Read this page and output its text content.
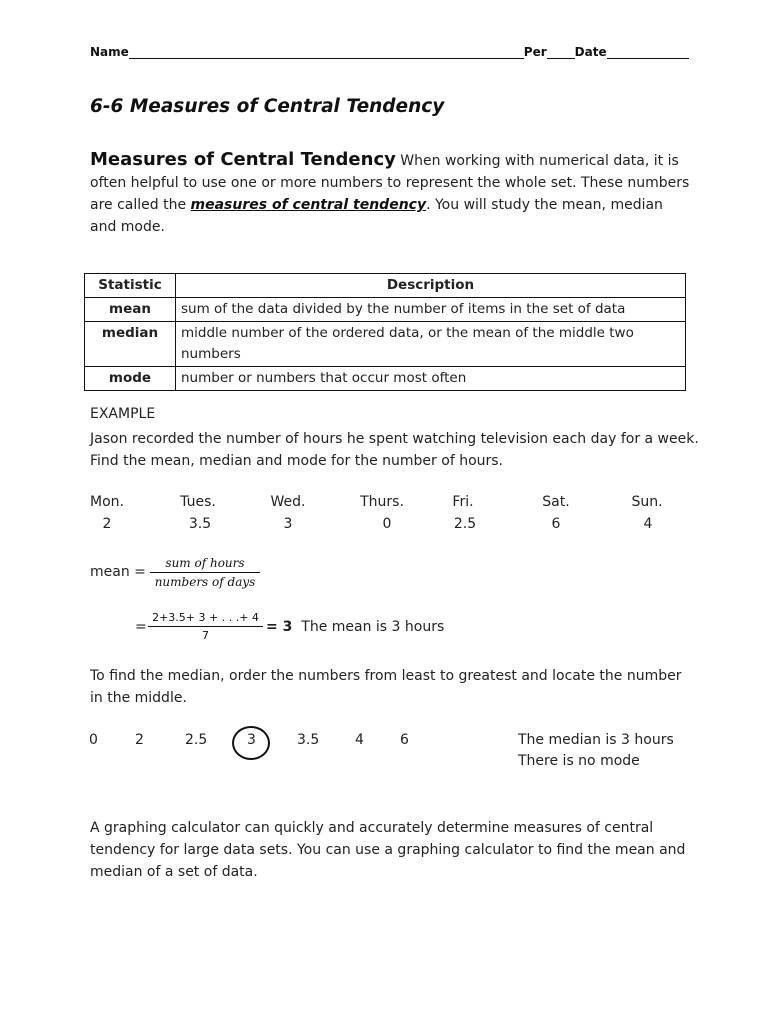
Name	Per Date
6-6 Measures of Central Tendency
Measures of Central Tendency When working with numerical data, it is often helpful to use one or more numbers to represent the whole set. These numbers are called the measures of central tendency. You will study the mean, median and mode.
Statistic	Description
mean	sum of the data divided by the number of items in the set of data
median	middle number of the ordered data, or the mean of the middle two numbers
mode	number or numbers that occur most often
EXAMPLE
Jason recorded the number of hours he spent watching television each day for a week. Find the mean, median and mode for the number of hours.
Mon.	Tues.	Wed.	Thurs.	Fri.	Sat.	Sun.
2	3.5	3	0	2.5	6	4
mean =
sum of hours
numbers of days
=
2+3.5+ 3 + . . .+ 4
7
= 3 The mean is 3 hours
To find the median, order the numbers from least to greatest and locate the number in the middle.
0	2	2.5	3	3.5	4	6	The median is 3 hours
There is no mode
A graphing calculator can quickly and accurately determine measures of central tendency for large data sets. You can use a graphing calculator to find the mean and median of a set of data.
